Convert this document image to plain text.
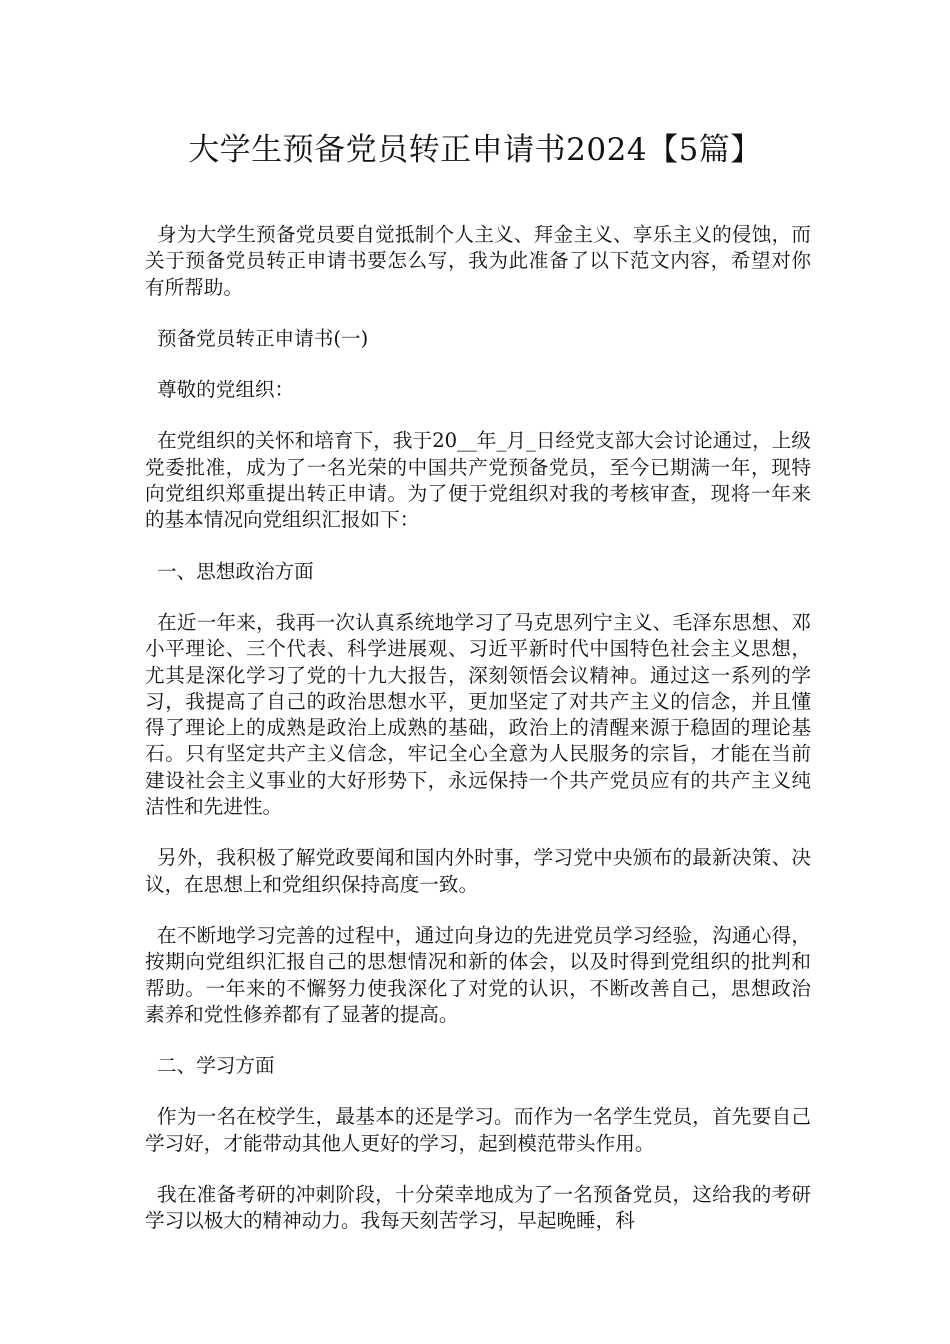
大学生预备党员转正申请书2024【5篇】

身为大学生预备党员要自觉抵制个人主义、拜金主义、享乐主义的侵蚀，而关于预备党员转正申请书要怎么写，我为此准备了以下范文内容，希望对你有所帮助。

预备党员转正申请书(一)

尊敬的党组织：

在党组织的关怀和培育下，我于20__年_月_日经党支部大会讨论通过，上级党委批准，成为了一名光荣的中国共产党预备党员，至今已期满一年，现特向党组织郑重提出转正申请。为了便于党组织对我的考核审查，现将一年来的基本情况向党组织汇报如下：

一、思想政治方面

在近一年来，我再一次认真系统地学习了马克思列宁主义、毛泽东思想、邓小平理论、三个代表、科学进展观、习近平新时代中国特色社会主义思想，尤其是深化学习了党的十九大报告，深刻领悟会议精神。通过这一系列的学习，我提高了自己的政治思想水平，更加坚定了对共产主义的信念，并且懂得了理论上的成熟是政治上成熟的基础，政治上的清醒来源于稳固的理论基石。只有坚定共产主义信念，牢记全心全意为人民服务的宗旨，才能在当前建设社会主义事业的大好形势下，永远保持一个共产党员应有的共产主义纯洁性和先进性。

另外，我积极了解党政要闻和国内外时事，学习党中央颁布的最新决策、决议，在思想上和党组织保持高度一致。

在不断地学习完善的过程中，通过向身边的先进党员学习经验，沟通心得，按期向党组织汇报自己的思想情况和新的体会，以及时得到党组织的批判和帮助。一年来的不懈努力使我深化了对党的认识，不断改善自己，思想政治素养和党性修养都有了显著的提高。

二、学习方面

作为一名在校学生，最基本的还是学习。而作为一名学生党员，首先要自己学习好，才能带动其他人更好的学习，起到模范带头作用。

我在准备考研的冲刺阶段，十分荣幸地成为了一名预备党员，这给我的考研学习以极大的精神动力。我每天刻苦学习，早起晚睡，科
